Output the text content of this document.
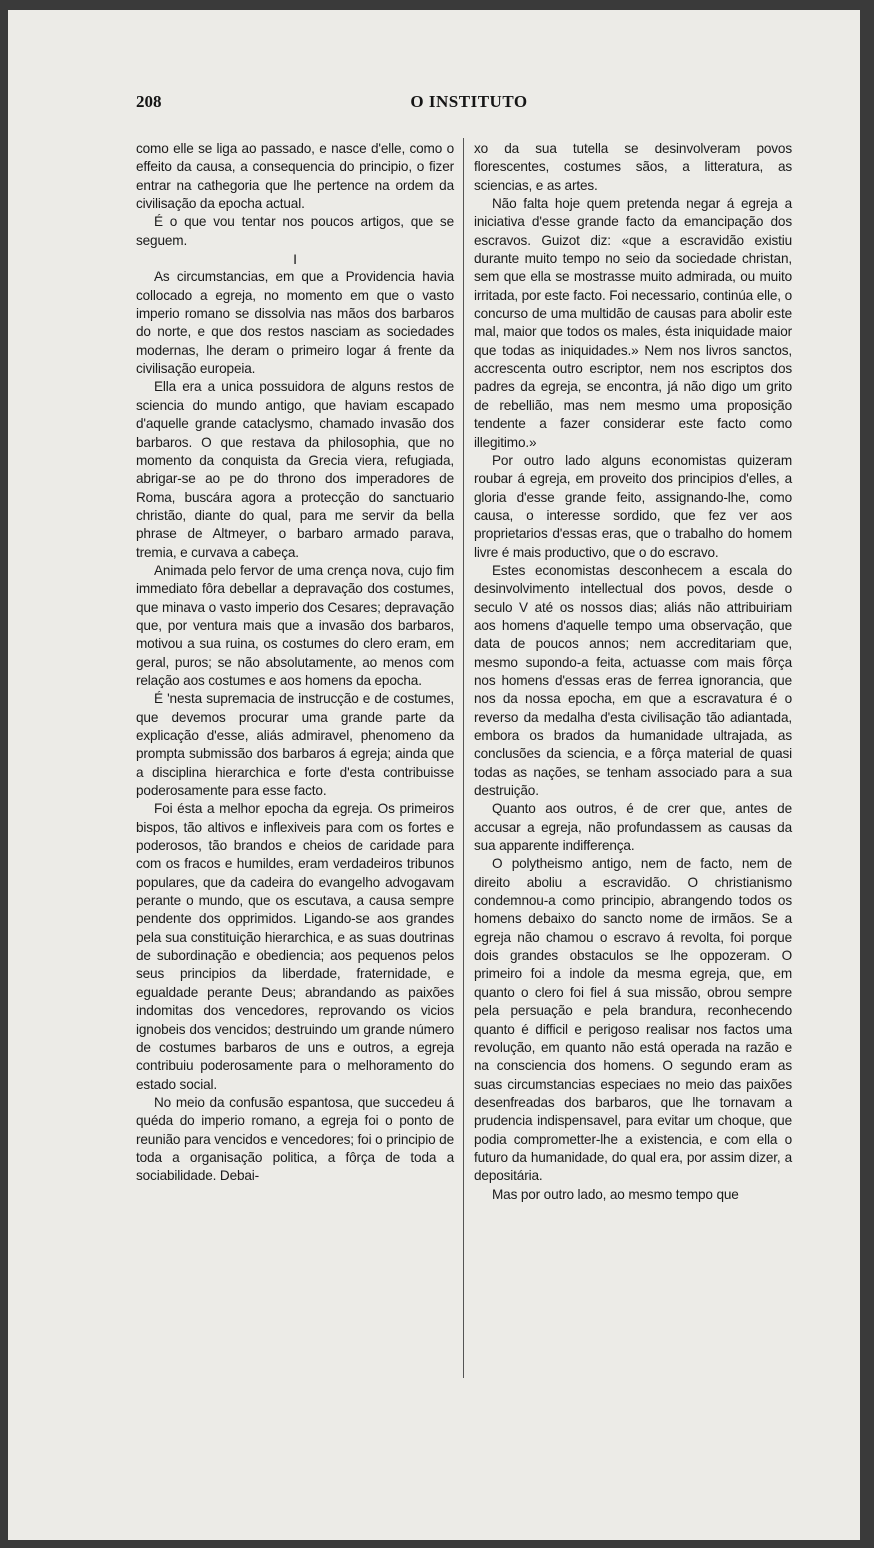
208	O INSTITUTO

como elle se liga ao passado, e nasce d'elle, como o effeito da causa, a consequencia do principio, o fizer entrar na cathegoria que lhe pertence na ordem da civilisação da epocha actual.

É o que vou tentar nos poucos artigos, que se seguem.

I

As circumstancias, em que a Providencia havia collocado a egreja, no momento em que o vasto imperio romano se dissolvia nas mãos dos barbaros do norte, e que dos restos nasciam as sociedades modernas, lhe deram o primeiro logar á frente da civilisação europeia.

Ella era a unica possuidora de alguns restos de sciencia do mundo antigo, que haviam escapado d'aquelle grande cataclysmo, chamado invasão dos barbaros. O que restava da philosophia, que no momento da conquista da Grecia viera, refugiada, abrigar-se ao pe do throno dos imperadores de Roma, buscára agora a protecção do sanctuario christão, diante do qual, para me servir da bella phrase de Altmeyer, o barbaro armado parava, tremia, e curvava a cabeça.

Animada pelo fervor de uma crença nova, cujo fim immediato fôra debellar a depravação dos costumes, que minava o vasto imperio dos Cesares; depravação que, por ventura mais que a invasão dos barbaros, motivou a sua ruina, os costumes do clero eram, em geral, puros; se não absolutamente, ao menos com relação aos costumes e aos homens da epocha.

É 'nesta supremacia de instrucção e de costumes, que devemos procurar uma grande parte da explicação d'esse, aliás admiravel, phenomeno da prompta submissão dos barbaros á egreja; ainda que a disciplina hierarchica e forte d'esta contribuisse poderosamente para esse facto.

Foi ésta a melhor epocha da egreja. Os primeiros bispos, tão altivos e inflexiveis para com os fortes e poderosos, tão brandos e cheios de caridade para com os fracos e humildes, eram verdadeiros tribunos populares, que da cadeira do evangelho advogavam perante o mundo, que os escutava, a causa sempre pendente dos opprimidos. Ligando-se aos grandes pela sua constituição hierarchica, e as suas doutrinas de subordinação e obediencia; aos pequenos pelos seus principios da liberdade, fraternidade, e egualdade perante Deus; abrandando as paixões indomitas dos vencedores, reprovando os vicios ignobeis dos vencidos; destruindo um grande número de costumes barbaros de uns e outros, a egreja contribuiu poderosamente para o melhoramento do estado social.

No meio da confusão espantosa, que succedeu á quéda do imperio romano, a egreja foi o ponto de reunião para vencidos e vencedores; foi o principio de toda a organisação politica, a fôrça de toda a sociabilidade. Debai-

xo da sua tutella se desinvolveram povos florescentes, costumes sãos, a litteratura, as sciencias, e as artes.

Não falta hoje quem pretenda negar á egreja a iniciativa d'esse grande facto da emancipação dos escravos. Guizot diz: «que a escravidão existiu durante muito tempo no seio da sociedade christan, sem que ella se mostrasse muito admirada, ou muito irritada, por este facto. Foi necessario, continúa elle, o concurso de uma multidão de causas para abolir este mal, maior que todos os males, ésta iniquidade maior que todas as iniquidades.» Nem nos livros sanctos, accrescenta outro escriptor, nem nos escriptos dos padres da egreja, se encontra, já não digo um grito de rebellião, mas nem mesmo uma proposição tendente a fazer considerar este facto como illegitimo.»

Por outro lado alguns economistas quizeram roubar á egreja, em proveito dos principios d'elles, a gloria d'esse grande feito, assignando-lhe, como causa, o interesse sordido, que fez ver aos proprietarios d'essas eras, que o trabalho do homem livre é mais productivo, que o do escravo.

Estes economistas desconhecem a escala do desinvolvimento intellectual dos povos, desde o seculo V até os nossos dias; aliás não attribuiriam aos homens d'aquelle tempo uma observação, que data de poucos annos; nem accreditariam que, mesmo supondo-a feita, actuasse com mais fôrça nos homens d'essas eras de ferrea ignorancia, que nos da nossa epocha, em que a escravatura é o reverso da medalha d'esta civilisação tão adiantada, embora os brados da humanidade ultrajada, as conclusões da sciencia, e a fôrça material de quasi todas as nações, se tenham associado para a sua destruição.

Quanto aos outros, é de crer que, antes de accusar a egreja, não profundassem as causas da sua apparente indifferença.

O polytheismo antigo, nem de facto, nem de direito aboliu a escravidão. O christianismo condemnou-a como principio, abrangendo todos os homens debaixo do sancto nome de irmãos. Se a egreja não chamou o escravo á revolta, foi porque dois grandes obstaculos se lhe oppozeram. O primeiro foi a indole da mesma egreja, que, em quanto o clero foi fiel á sua missão, obrou sempre pela persuação e pela brandura, reconhecendo quanto é difficil e perigoso realisar nos factos uma revolução, em quanto não está operada na razão e na consciencia dos homens. O segundo eram as suas circumstancias especiaes no meio das paixões desenfreadas dos barbaros, que lhe tornavam a prudencia indispensavel, para evitar um choque, que podia comprometter-lhe a existencia, e com ella o futuro da humanidade, do qual era, por assim dizer, a depositária.

Mas por outro lado, ao mesmo tempo que
